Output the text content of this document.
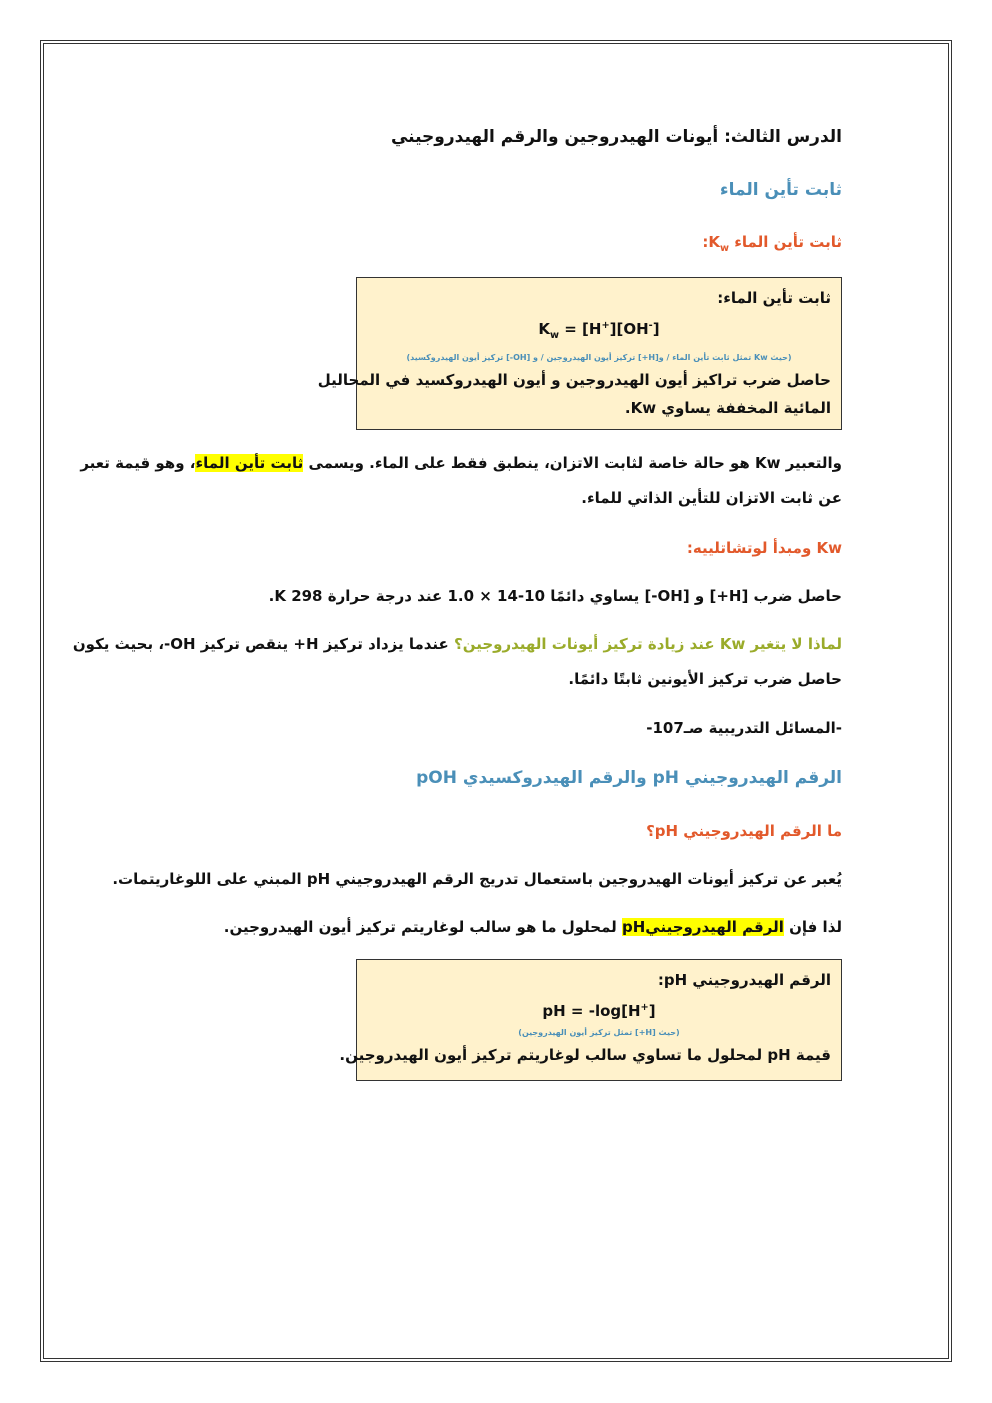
الدرس الثالث: أيونات الهيدروجين والرقم الهيدروجيني
ثابت تأين الماء
ثابت تأين الماء $K_w$:
ثابت تأين الماء:
$K_w = [H^+][OH^-]$
(حيث Kw تمثل ثابت تأين الماء / و[H+] تركيز أيون الهيدروجين / و [OH-] تركيز أيون الهيدروكسيد)
حاصل ضرب تراكيز أيون الهيدروجين و أيون الهيدروكسيد في المحاليل
المائية المخففة يساوي Kw.
والتعبير Kw هو حالة خاصة لثابت الاتزان، ينطبق فقط على الماء. ويسمى ثابت تأين الماء، وهو قيمة تعبر
عن ثابت الاتزان للتأين الذاتي للماء.
Kw ومبدأ لوتشاتلييه:
حاصل ضرب [H+] و [OH-] يساوي دائمًا 10-14 × 1.0 عند درجة حرارة 298 K.
لماذا لا يتغير Kw عند زيادة تركيز أيونات الهيدروجين؟ عندما يزداد تركيز H+ ينقص تركيز OH-، بحيث يكون
حاصل ضرب تركيز الأيونين ثابتًا دائمًا.
-المسائل التدريبية صـ107-
الرقم الهيدروجيني pH والرقم الهيدروكسيدي pOH
ما الرقم الهيدروجيني pH؟
يُعبر عن تركيز أيونات الهيدروجين باستعمال تدريج الرقم الهيدروجيني pH المبني على اللوغاريتمات.
لذا فإن الرقم الهيدروجينيpH لمحلول ما هو سالب لوغاريتم تركيز أيون الهيدروجين.
الرقم الهيدروجيني pH:
pH = -log[H+]
(حيث [H+] تمثل تركيز أيون الهيدروجين)
قيمة pH لمحلول ما تساوي سالب لوغاريتم تركيز أيون الهيدروجين.
